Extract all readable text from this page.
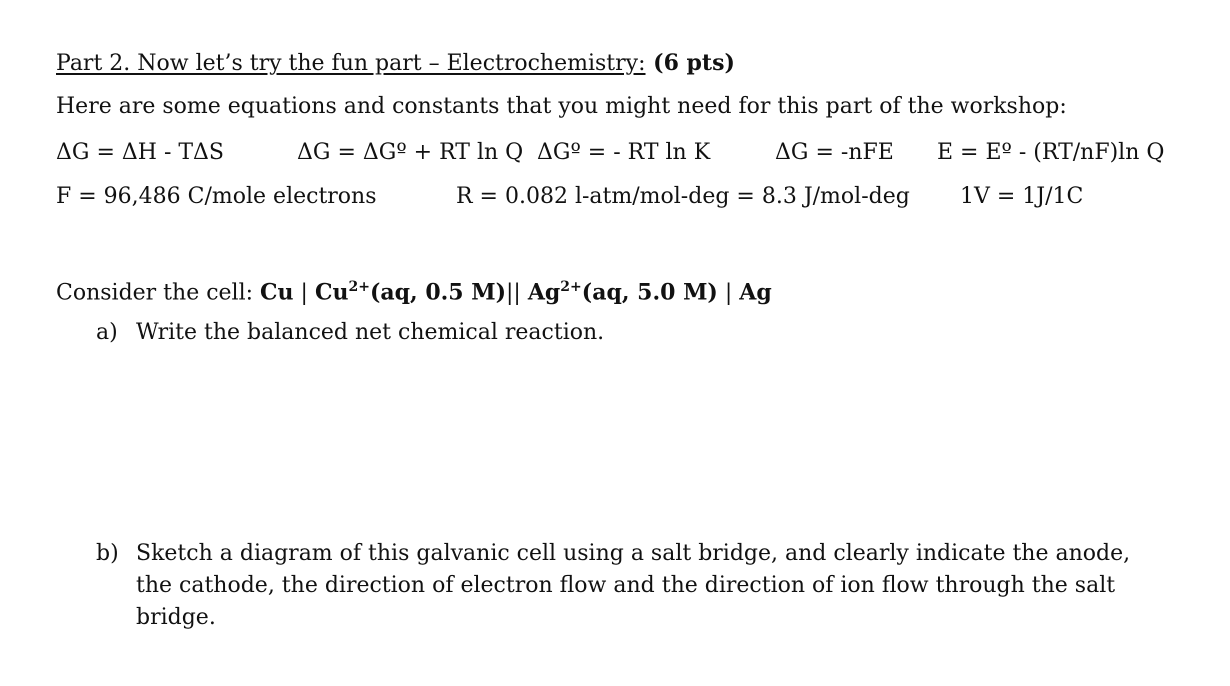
Part 2. Now let’s try the fun part – Electrochemistry: (6 pts)
Here are some equations and constants that you might need for this part of the workshop:
ΔG = ΔH - TΔS	ΔG = ΔGº + RT ln Q ΔGº = - RT ln K	ΔG = -nFE E = Eº - (RT/nF)ln Q
F = 96,486 C/mole electrons	R = 0.082 l-atm/mol-deg = 8.3 J/mol-deg 1V = 1J/1C
Consider the cell: Cu | $Cu^{2+}(aq$, 0.5 M)|| $Ag^{2+}(aq$, 5.0 M) | Ag
a) Write the balanced net chemical reaction.
b) Sketch a diagram of this galvanic cell using a salt bridge, and clearly indicate the anode,
the cathode, the direction of electron flow and the direction of ion flow through the salt
bridge.
